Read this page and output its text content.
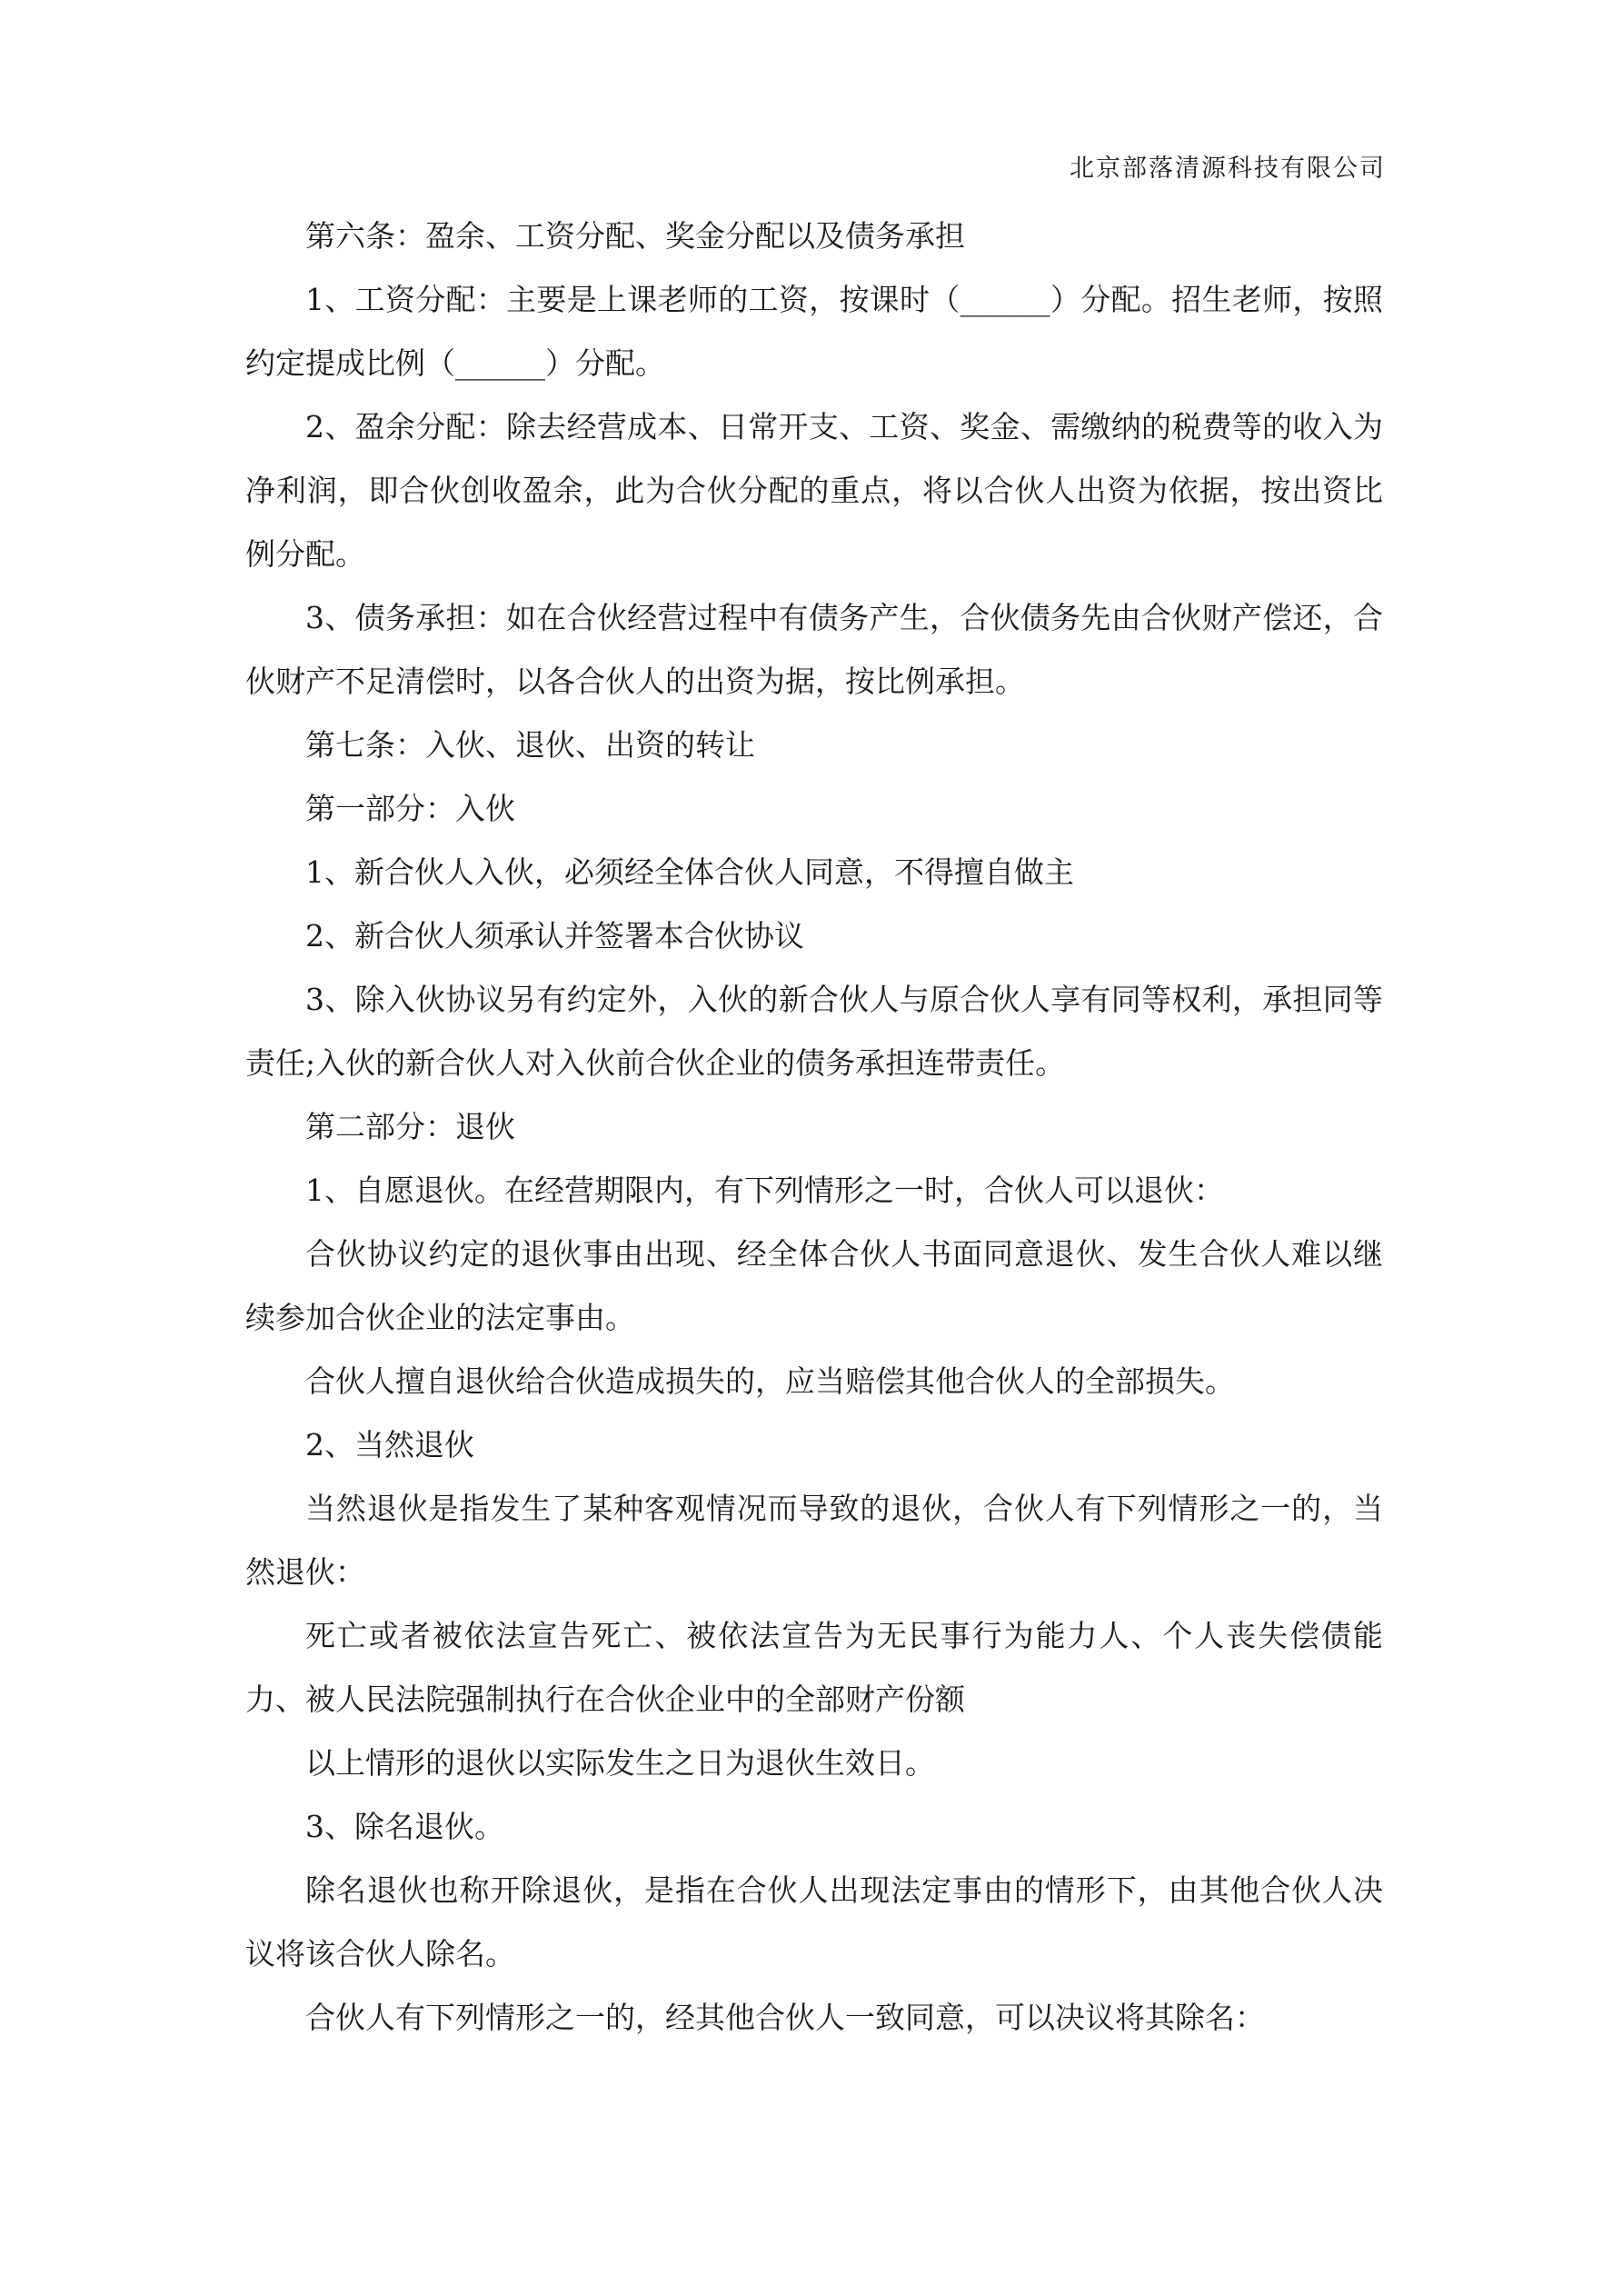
北京部落清源科技有限公司

第六条：盈余、工资分配、奖金分配以及债务承担

1、工资分配：主要是上课老师的工资，按课时（______）分配。招生老师，按照约定提成比例（______）分配。

2、盈余分配：除去经营成本、日常开支、工资、奖金、需缴纳的税费等的收入为净利润，即合伙创收盈余，此为合伙分配的重点，将以合伙人出资为依据，按出资比例分配。

3、债务承担：如在合伙经营过程中有债务产生，合伙债务先由合伙财产偿还，合伙财产不足清偿时，以各合伙人的出资为据，按比例承担。

第七条：入伙、退伙、出资的转让

第一部分：入伙

1、新合伙人入伙，必须经全体合伙人同意，不得擅自做主

2、新合伙人须承认并签署本合伙协议

3、除入伙协议另有约定外，入伙的新合伙人与原合伙人享有同等权利，承担同等责任;入伙的新合伙人对入伙前合伙企业的债务承担连带责任。

第二部分：退伙

1、自愿退伙。在经营期限内，有下列情形之一时，合伙人可以退伙：

合伙协议约定的退伙事由出现、经全体合伙人书面同意退伙、发生合伙人难以继续参加合伙企业的法定事由。

合伙人擅自退伙给合伙造成损失的，应当赔偿其他合伙人的全部损失。

2、当然退伙

当然退伙是指发生了某种客观情况而导致的退伙，合伙人有下列情形之一的，当然退伙：

死亡或者被依法宣告死亡、被依法宣告为无民事行为能力人、个人丧失偿债能力、被人民法院强制执行在合伙企业中的全部财产份额

以上情形的退伙以实际发生之日为退伙生效日。

3、除名退伙。

除名退伙也称开除退伙，是指在合伙人出现法定事由的情形下，由其他合伙人决议将该合伙人除名。

合伙人有下列情形之一的，经其他合伙人一致同意，可以决议将其除名：
